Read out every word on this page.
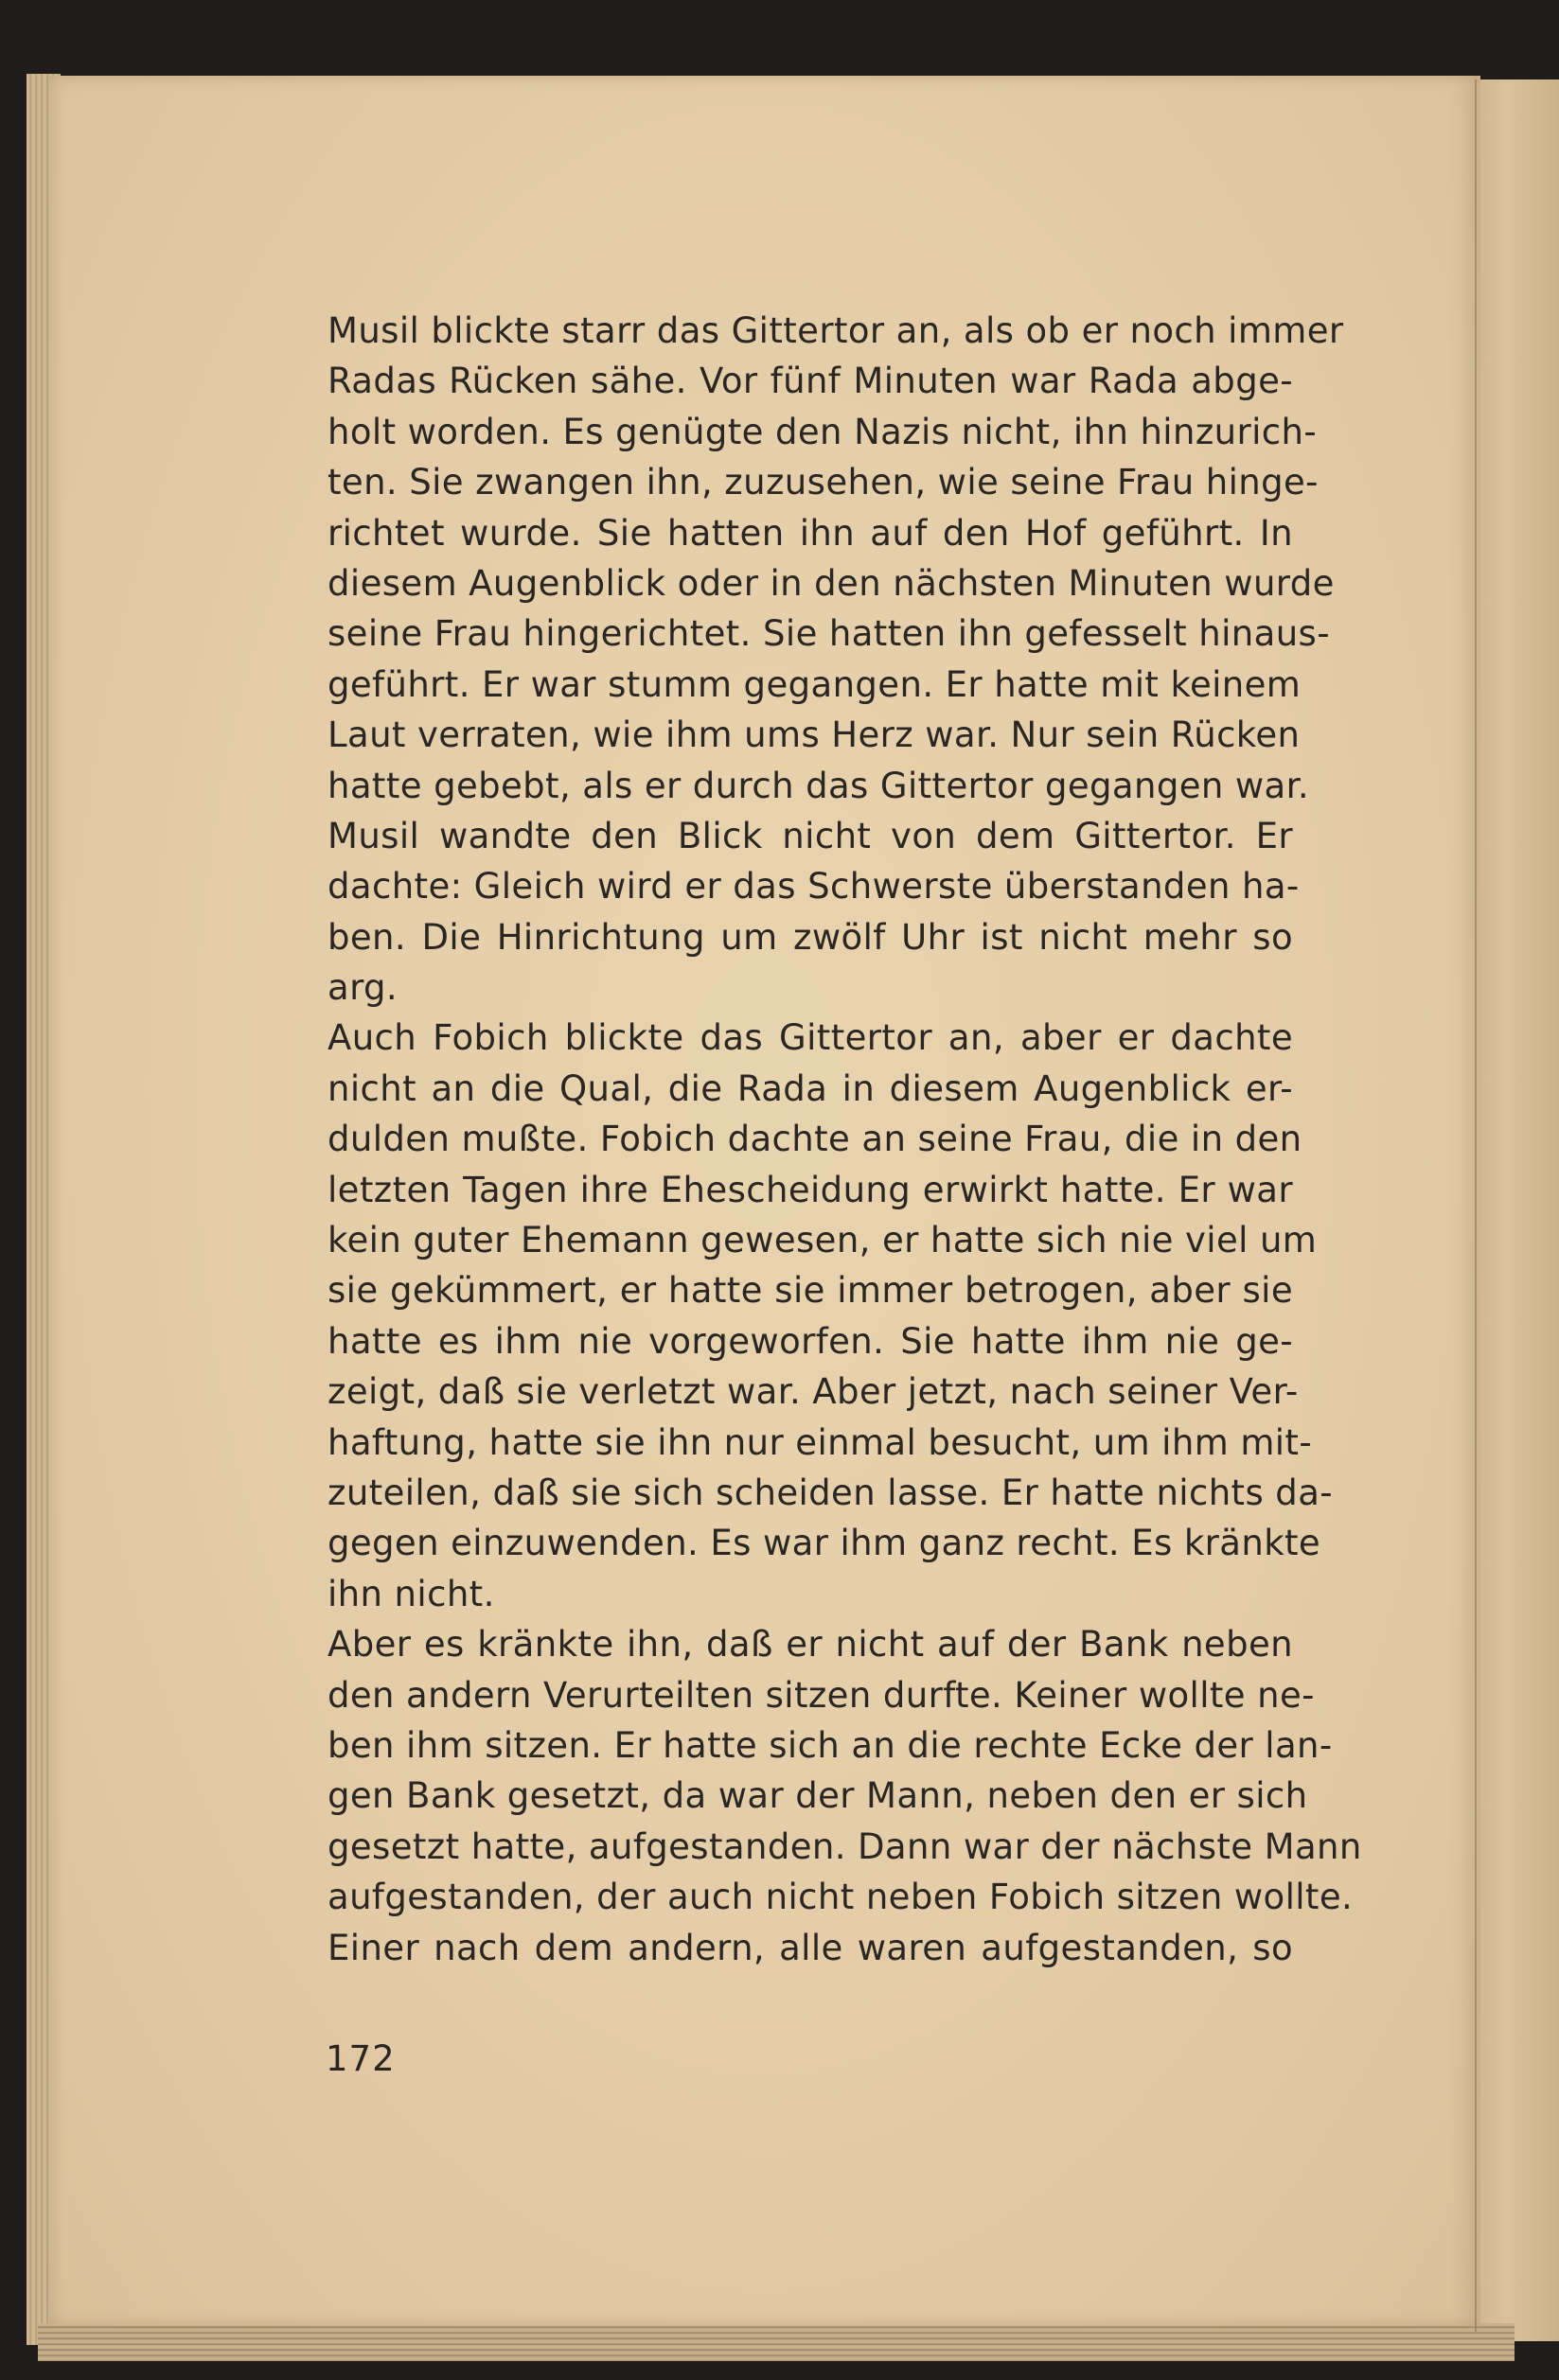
Musil blickte starr das Gittertor an, als ob er noch immer
Radas Rücken sähe. Vor fünf Minuten war Rada abge-
holt worden. Es genügte den Nazis nicht, ihn hinzurich-
ten. Sie zwangen ihn, zuzusehen, wie seine Frau hinge-
richtet wurde. Sie hatten ihn auf den Hof geführt. In
diesem Augenblick oder in den nächsten Minuten wurde
seine Frau hingerichtet. Sie hatten ihn gefesselt hinaus-
geführt. Er war stumm gegangen. Er hatte mit keinem
Laut verraten, wie ihm ums Herz war. Nur sein Rücken
hatte gebebt, als er durch das Gittertor gegangen war.
Musil wandte den Blick nicht von dem Gittertor. Er
dachte: Gleich wird er das Schwerste überstanden ha-
ben. Die Hinrichtung um zwölf Uhr ist nicht mehr so
arg.
Auch Fobich blickte das Gittertor an, aber er dachte
nicht an die Qual, die Rada in diesem Augenblick er-
dulden mußte. Fobich dachte an seine Frau, die in den
letzten Tagen ihre Ehescheidung erwirkt hatte. Er war
kein guter Ehemann gewesen, er hatte sich nie viel um
sie gekümmert, er hatte sie immer betrogen, aber sie
hatte es ihm nie vorgeworfen. Sie hatte ihm nie ge-
zeigt, daß sie verletzt war. Aber jetzt, nach seiner Ver-
haftung, hatte sie ihn nur einmal besucht, um ihm mit-
zuteilen, daß sie sich scheiden lasse. Er hatte nichts da-
gegen einzuwenden. Es war ihm ganz recht. Es kränkte
ihn nicht.
Aber es kränkte ihn, daß er nicht auf der Bank neben
den andern Verurteilten sitzen durfte. Keiner wollte ne-
ben ihm sitzen. Er hatte sich an die rechte Ecke der lan-
gen Bank gesetzt, da war der Mann, neben den er sich
gesetzt hatte, aufgestanden. Dann war der nächste Mann
aufgestanden, der auch nicht neben Fobich sitzen wollte.
Einer nach dem andern, alle waren aufgestanden, so
172
